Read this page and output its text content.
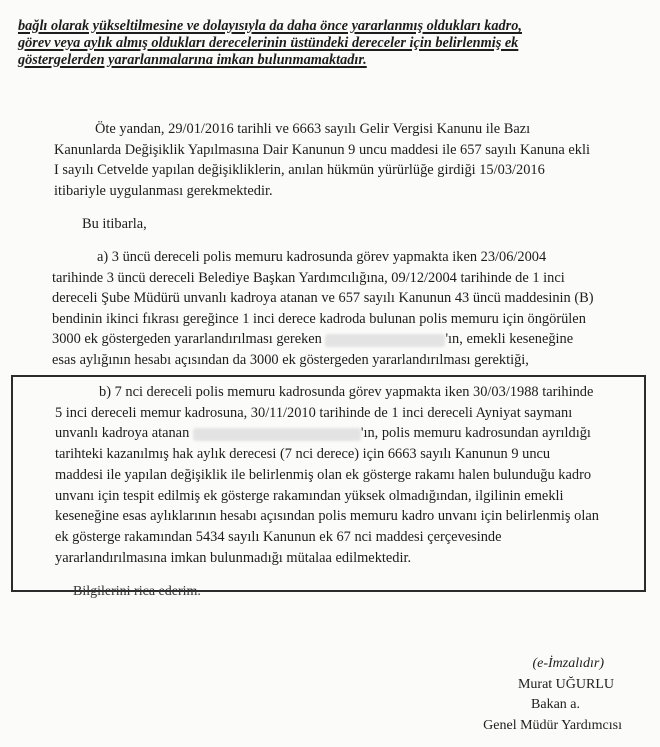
bağlı olarak yükseltilmesine ve dolayısıyla da daha önce yararlanmış oldukları kadro,
görev veya aylık almış oldukları derecelerinin üstündeki dereceler için belirlenmiş ek
göstergelerden yararlanmalarına imkan bulunmamaktadır.
Öte yandan, 29/01/2016 tarihli ve 6663 sayılı Gelir Vergisi Kanunu ile Bazı
Kanunlarda Değişiklik Yapılmasına Dair Kanunun 9 uncu maddesi ile 657 sayılı Kanuna ekli
I sayılı Cetvelde yapılan değişikliklerin, anılan hükmün yürürlüğe girdiği 15/03/2016
itibariyle uygulanması gerekmektedir.
Bu itibarla,
a) 3 üncü dereceli polis memuru kadrosunda görev yapmakta iken 23/06/2004
tarihinde 3 üncü dereceli Belediye Başkan Yardımcılığına, 09/12/2004 tarihinde de 1 inci
dereceli Şube Müdürü unvanlı kadroya atanan ve 657 sayılı Kanunun 43 üncü maddesinin (B)
bendinin ikinci fıkrası gereğince 1 inci derece kadroda bulunan polis memuru için öngörülen
3000 ek göstergeden yararlandırılması gereken	'ın, emekli keseneğine
esas aylığının hesabı açısından da 3000 ek göstergeden yararlandırılması gerektiği,
b) 7 nci dereceli polis memuru kadrosunda görev yapmakta iken 30/03/1988 tarihinde
5 inci dereceli memur kadrosuna, 30/11/2010 tarihinde de 1 inci dereceli Ayniyat saymanı
unvanlı kadroya atanan	'ın, polis memuru kadrosundan ayrıldığı
tarihteki kazanılmış hak aylık derecesi (7 nci derece) için 6663 sayılı Kanunun 9 uncu
maddesi ile yapılan değişiklik ile belirlenmiş olan ek gösterge rakamı halen bulunduğu kadro
unvanı için tespit edilmiş ek gösterge rakamından yüksek olmadığından, ilgilinin emekli
keseneğine esas aylıklarının hesabı açısından polis memuru kadro unvanı için belirlenmiş olan
ek gösterge rakamından 5434 sayılı Kanunun ek 67 nci maddesi çerçevesinde
yararlandırılmasına imkan bulunmadığı mütalaa edilmektedir.
Bilgilerini rica ederim.
(e-İmzalıdır)
Murat UĞURLU
Bakan a.
Genel Müdür Yardımcısı
